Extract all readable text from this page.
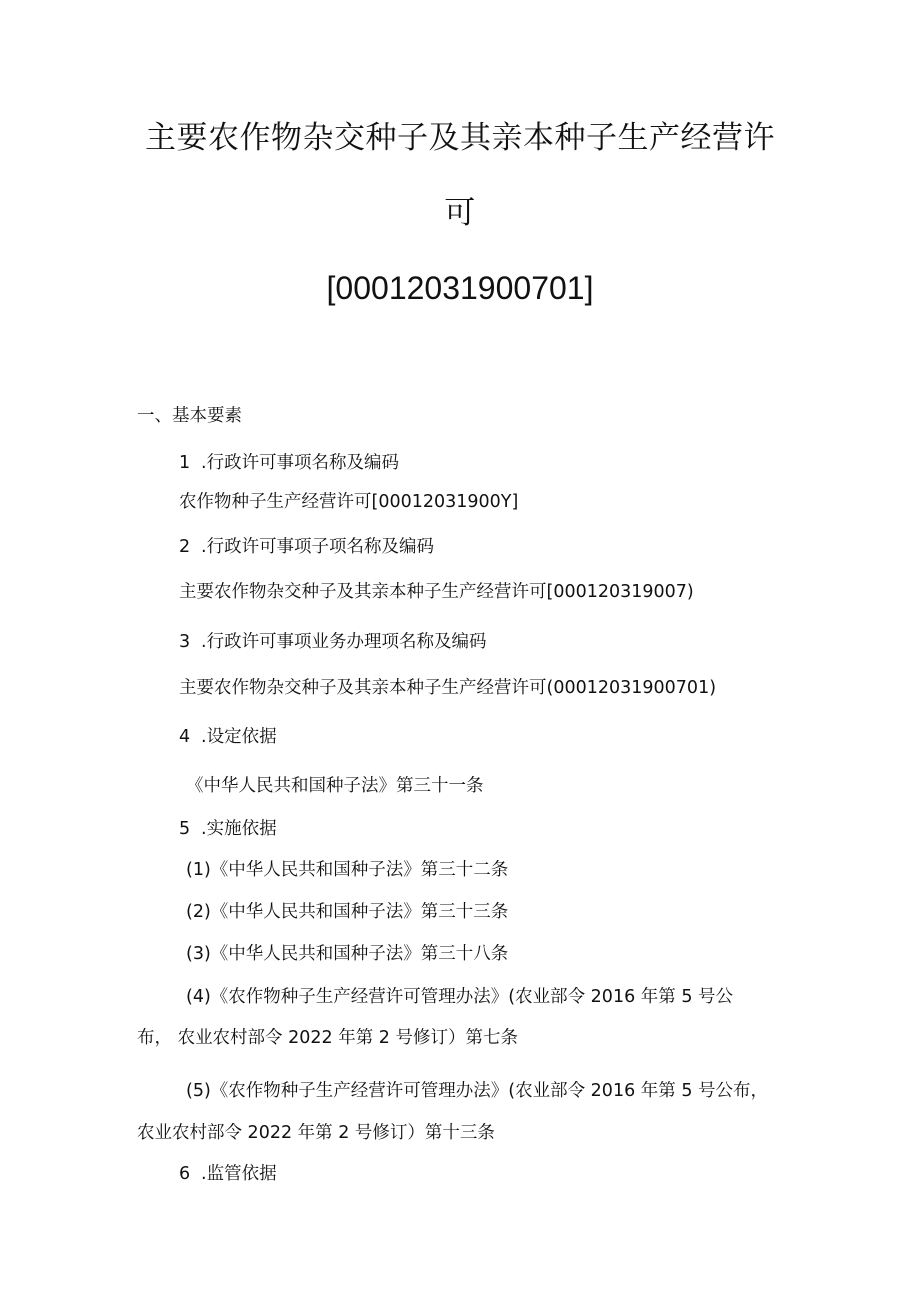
主要农作物杂交种子及其亲本种子生产经营许
可
[00012031900701]
一、基本要素
1 .行政许可事项名称及编码
农作物种子生产经营许可[00012031900Y]
2 .行政许可事项子项名称及编码
主要农作物杂交种子及其亲本种子生产经营许可[000120319007)
3 .行政许可事项业务办理项名称及编码
主要农作物杂交种子及其亲本种子生产经营许可(00012031900701)
4 .设定依据
《中华人民共和国种子法》第三十一条
5 .实施依据
(1)《中华人民共和国种子法》第三十二条
(2)《中华人民共和国种子法》第三十三条
(3)《中华人民共和国种子法》第三十八条
(4)《农作物种子生产经营许可管理办法》(农业部令 2016 年第 5 号公
布， 农业农村部令 2022 年第 2 号修订）第七条
(5)《农作物种子生产经营许可管理办法》(农业部令 2016 年第 5 号公布，
农业农村部令 2022 年第 2 号修订）第十三条
6 .监管依据
